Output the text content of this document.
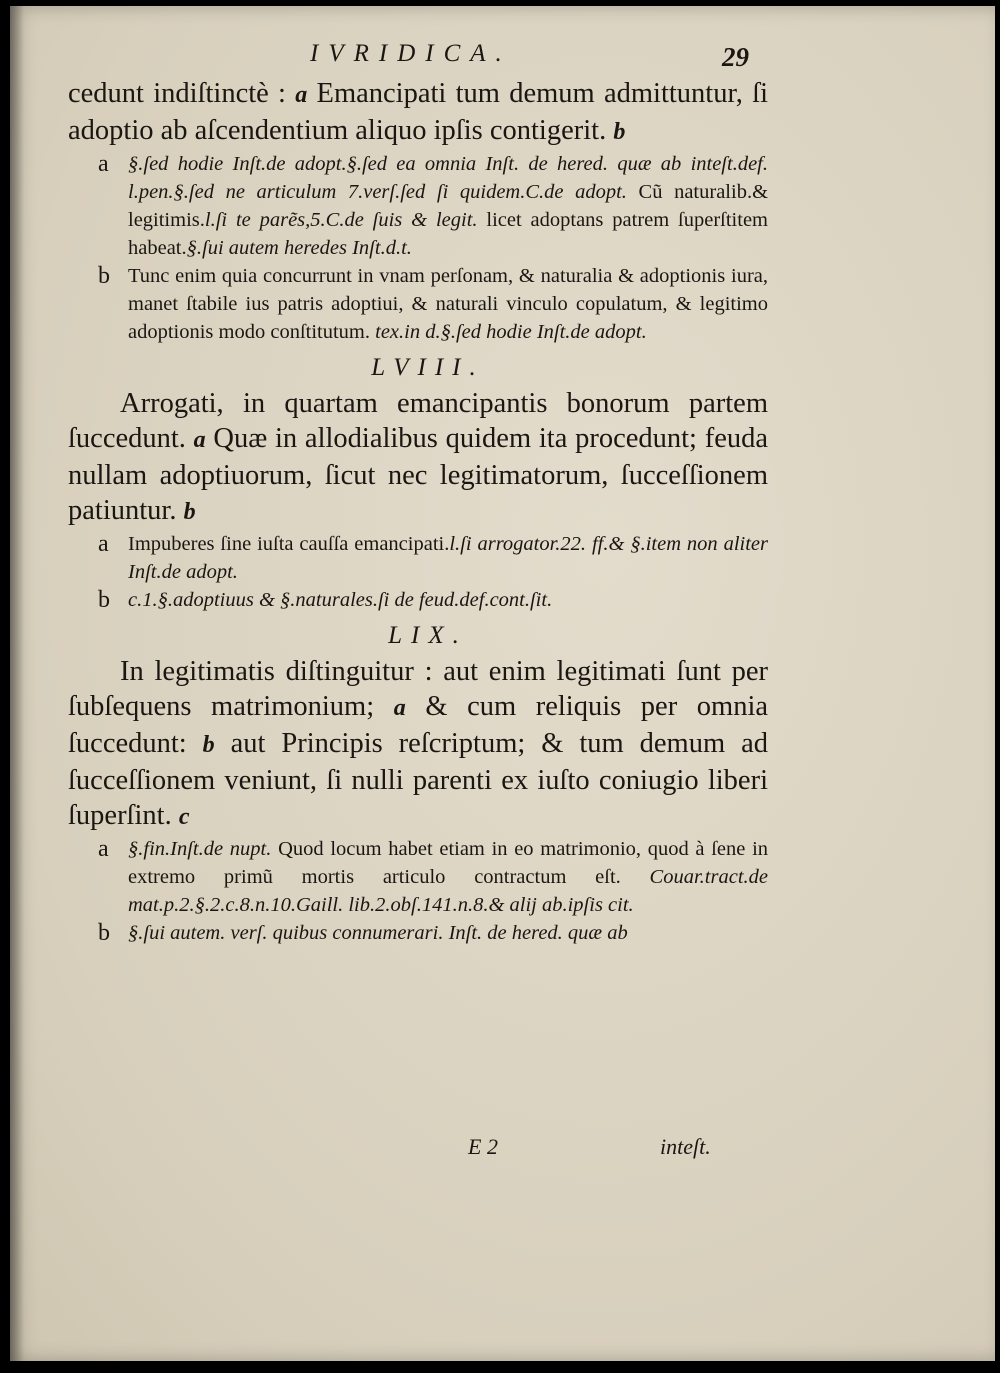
IVRIDICA.	29

cedunt indiſtinctè : a Emancipati tum demum admittuntur, ſi adoptio ab aſcendentium aliquo ipſis contigerit. b

a §.ſed hodie Inſt.de adopt.§.ſed ea omnia Inſt. de hered. quæ ab inteſt.def. l.pen.§.ſed ne articulum 7.verſ.ſed ſi quidem.C.de adopt. Cũ naturalib.& legitimis.l.ſi te parẽs,5.C.de ſuis & legit. licet adoptans patrem ſuperſtitem habeat.§.ſui autem heredes Inſt.d.t.

b Tunc enim quia concurrunt in vnam perſonam, & naturalia & adoptionis iura, manet ſtabile ius patris adoptiui, & naturali vinculo copulatum, & legitimo adoptionis modo conſtitutum. tex.in d.§.ſed hodie Inſt.de adopt.

LVIII.

Arrogati, in quartam emancipantis bonorum partem ſuccedunt. a Quæ in allodialibus quidem ita procedunt; feuda nullam adoptiuorum, ſicut nec legitimatorum, ſucceſſionem patiuntur. b

a Impuberes ſine iuſta cauſſa emancipati.l.ſi arrogator.22. ff.& §.item non aliter Inſt.de adopt.

b c.1.§.adoptiuus & §.naturales.ſi de feud.def.cont.ſit.

LIX.

In legitimatis diſtinguitur : aut enim legitimati ſunt per ſubſequens matrimonium; a & cum reliquis per omnia ſuccedunt: b aut Principis reſcriptum; & tum demum ad ſucceſſionem veniunt, ſi nulli parenti ex iuſto coniugio liberi ſuperſint. c

a §.fin.Inſt.de nupt. Quod locum habet etiam in eo matrimonio, quod à ſene in extremo primũ mortis articulo contractum eſt. Couar.tract.de mat.p.2.§.2.c.8.n.10.Gaill. lib.2.obſ.141.n.8.& alij ab.ipſis cit.

b §.ſui autem. verſ. quibus connumerari. Inſt. de hered. quæ ab

E 2	inteſt.
